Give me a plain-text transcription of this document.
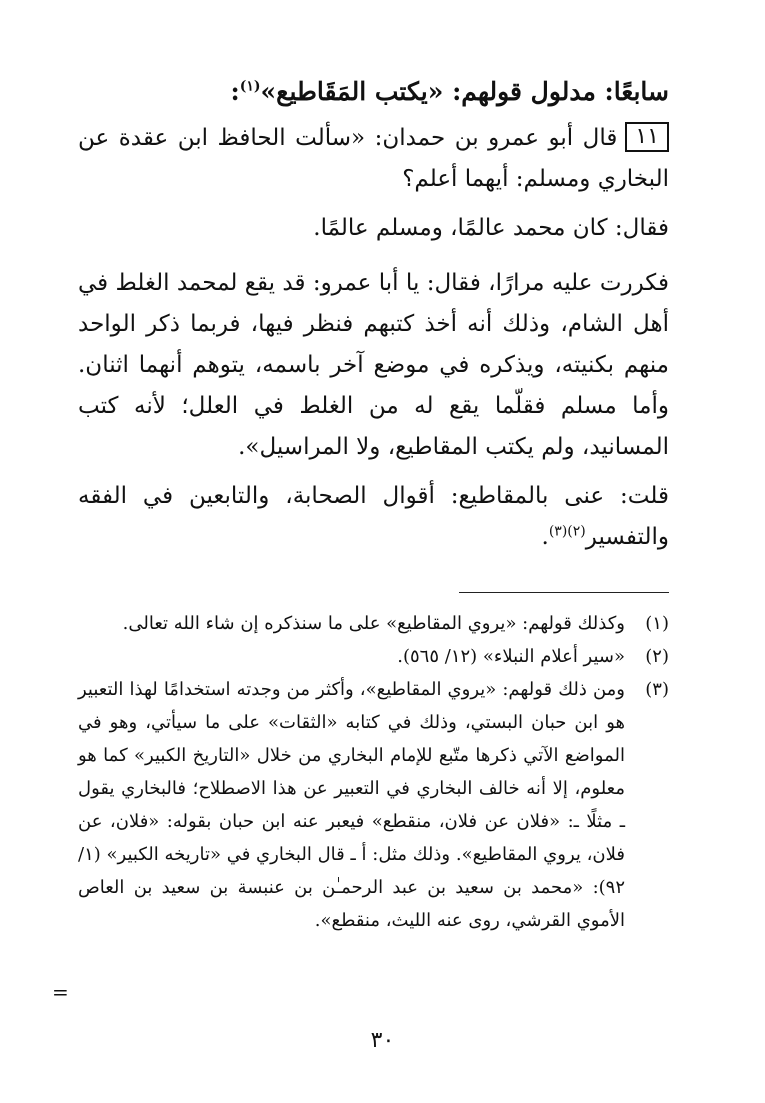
سابعًا: مدلول قولهم: «يكتب المَقَاطيع»$^{(١)}$:

١١قال أبو عمرو بن حمدان: «سألت الحافظ ابن عقدة عن البخاري ومسلم: أيهما أعلم؟

فقال: كان محمد عالمًا، ومسلم عالمًا.

فكررت عليه مرارًا، فقال: يا أبا عمرو: قد يقع لمحمد الغلط في أهل الشام، وذلك أنه أخذ كتبهم فنظر فيها، فربما ذكر الواحد منهم بكنيته، ويذكره في موضع آخر باسمه، يتوهم أنهما اثنان. وأما مسلم فقلّما يقع له من الغلط في العلل؛ لأنه كتب المسانيد، ولم يكتب المقاطيع، ولا المراسيل».

قلت: عنى بالمقاطيع: أقوال الصحابة، والتابعين في الفقه والتفسير$^{(٢)(٣)}$.

(١)
وكذلك قولهم: «يروي المقاطيع» على ما سنذكره إن شاء الله تعالى.
(٢)
«سير أعلام النبلاء» (١٢/ ٥٦٥).
(٣)
ومن ذلك قولهم: «يروي المقاطيع»، وأكثر من وجدته استخدامًا لهذا التعبير هو ابن حبان البستي، وذلك في كتابه «الثقات» على ما سيأتي، وهو في المواضع الآتي ذكرها متّبع للإمام البخاري من خلال «التاريخ الكبير» كما هو معلوم، إلا أنه خالف البخاري في التعبير عن هذا الاصطلاح؛ فالبخاري يقول ـ مثلًا ـ: «فلان عن فلان، منقطع» فيعبر عنه ابن حبان بقوله: «فلان، عن فلان، يروي المقاطيع». وذلك مثل: أ ـ قال البخاري في «تاريخه الكبير» (١/ ٩٢): «محمد بن سعيد بن عبد الرحمـٰن بن عنبسة بن سعيد بن العاص الأموي القرشي، روى عنه الليث، منقطع».
=
٣٠
